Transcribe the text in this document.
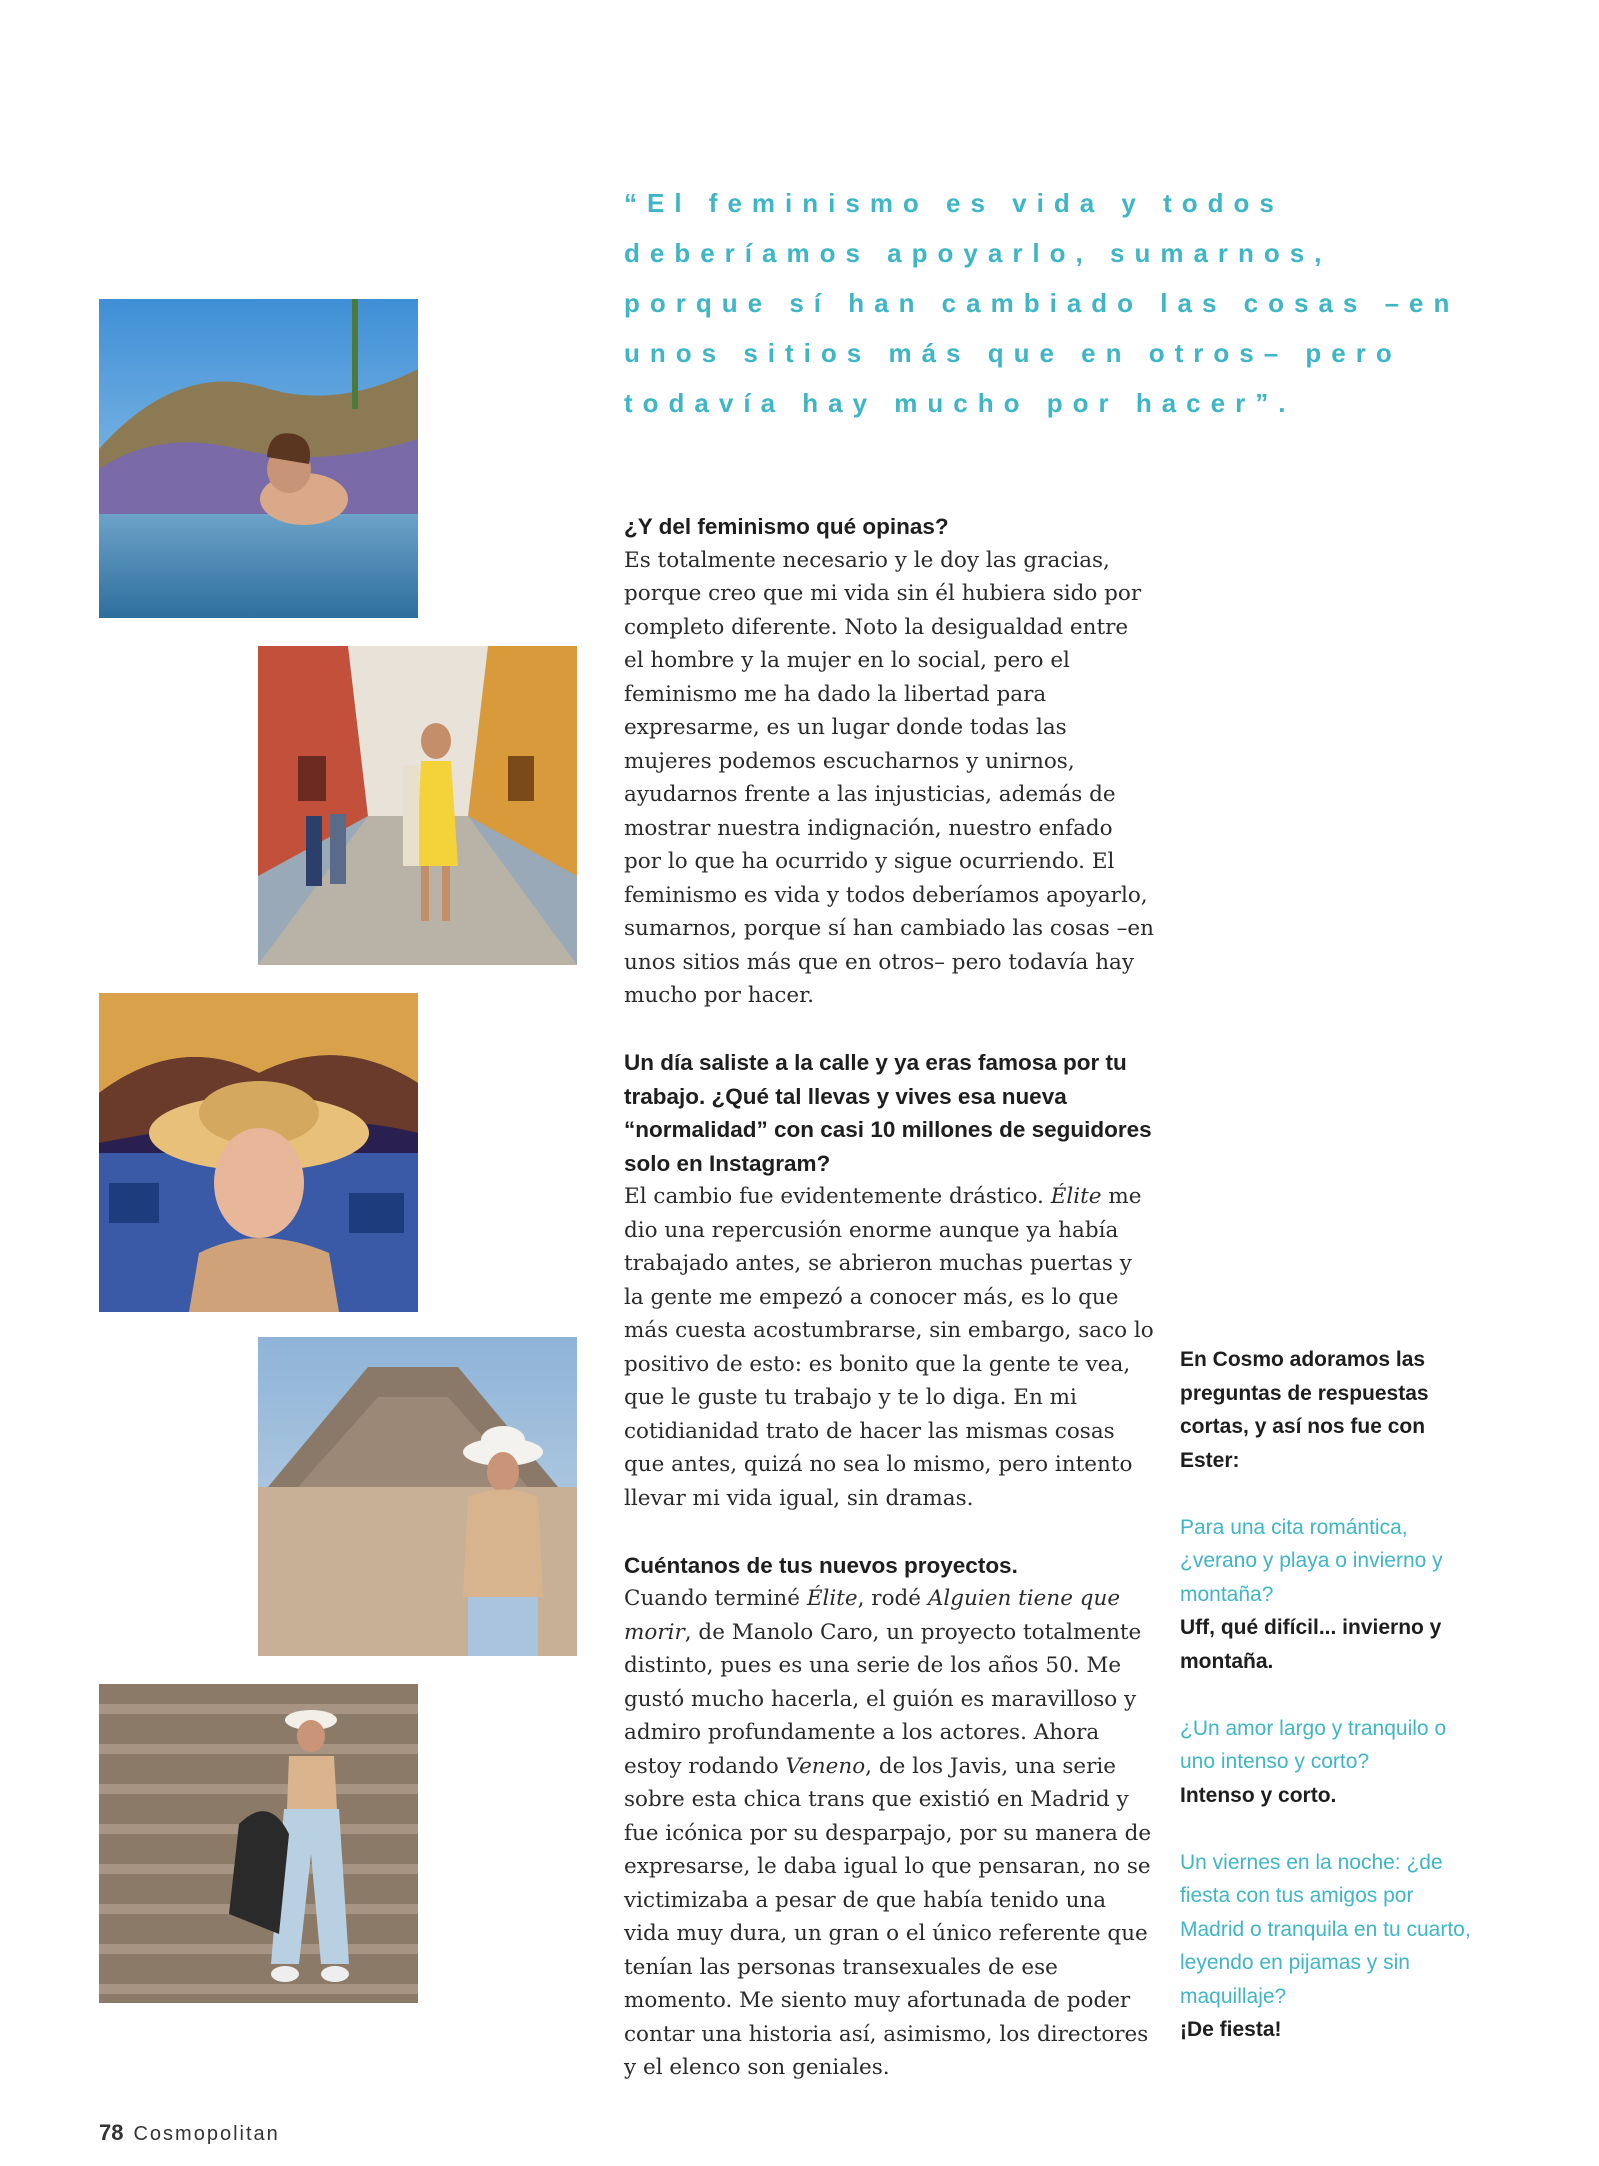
“El feminismo es vida y todos deberíamos apoyarlo, sumarnos, porque sí han cambiado las cosas –en unos sitios más que en otros– pero todavía hay mucho por hacer”.
¿Y del feminismo qué opinas?
Es totalmente necesario y le doy las gracias, porque creo que mi vida sin él hubiera sido por completo diferente. Noto la desigualdad entre el hombre y la mujer en lo social, pero el feminismo me ha dado la libertad para expresarme, es un lugar donde todas las mujeres podemos escucharnos y unirnos, ayudarnos frente a las injusticias, además de mostrar nuestra indignación, nuestro enfado por lo que ha ocurrido y sigue ocurriendo. El feminismo es vida y todos deberíamos apoyarlo, sumarnos, porque sí han cambiado las cosas –en unos sitios más que en otros– pero todavía hay mucho por hacer.
Un día saliste a la calle y ya eras famosa por tu trabajo. ¿Qué tal llevas y vives esa nueva “normalidad” con casi 10 millones de seguidores solo en Instagram?
El cambio fue evidentemente drástico. Élite me dio una repercusión enorme aunque ya había trabajado antes, se abrieron muchas puertas y la gente me empezó a conocer más, es lo que más cuesta acostumbrarse, sin embargo, saco lo positivo de esto: es bonito que la gente te vea, que le guste tu trabajo y te lo diga. En mi cotidianidad trato de hacer las mismas cosas que antes, quizá no sea lo mismo, pero intento llevar mi vida igual, sin dramas.
Cuéntanos de tus nuevos proyectos.
Cuando terminé Élite, rodé Alguien tiene que morir, de Manolo Caro, un proyecto totalmente distinto, pues es una serie de los años 50. Me gustó mucho hacerla, el guión es maravilloso y admiro profundamente a los actores. Ahora estoy rodando Veneno, de los Javis, una serie sobre esta chica trans que existió en Madrid y fue icónica por su desparpajo, por su manera de expresarse, le daba igual lo que pensaran, no se victimizaba a pesar de que había tenido una vida muy dura, un gran o el único referente que tenían las personas transexuales de ese momento. Me siento muy afortunada de poder contar una historia así, asimismo, los directores y el elenco son geniales.
En Cosmo adoramos las preguntas de respuestas cortas, y así nos fue con Ester:
Para una cita romántica, ¿verano y playa o invierno y montaña?
Uff, qué difícil... invierno y montaña.
¿Un amor largo y tranquilo o uno intenso y corto?
Intenso y corto.
Un viernes en la noche: ¿de fiesta con tus amigos por Madrid o tranquila en tu cuarto, leyendo en pijamas y sin maquillaje?
¡De fiesta!
78 Cosmopolitan
